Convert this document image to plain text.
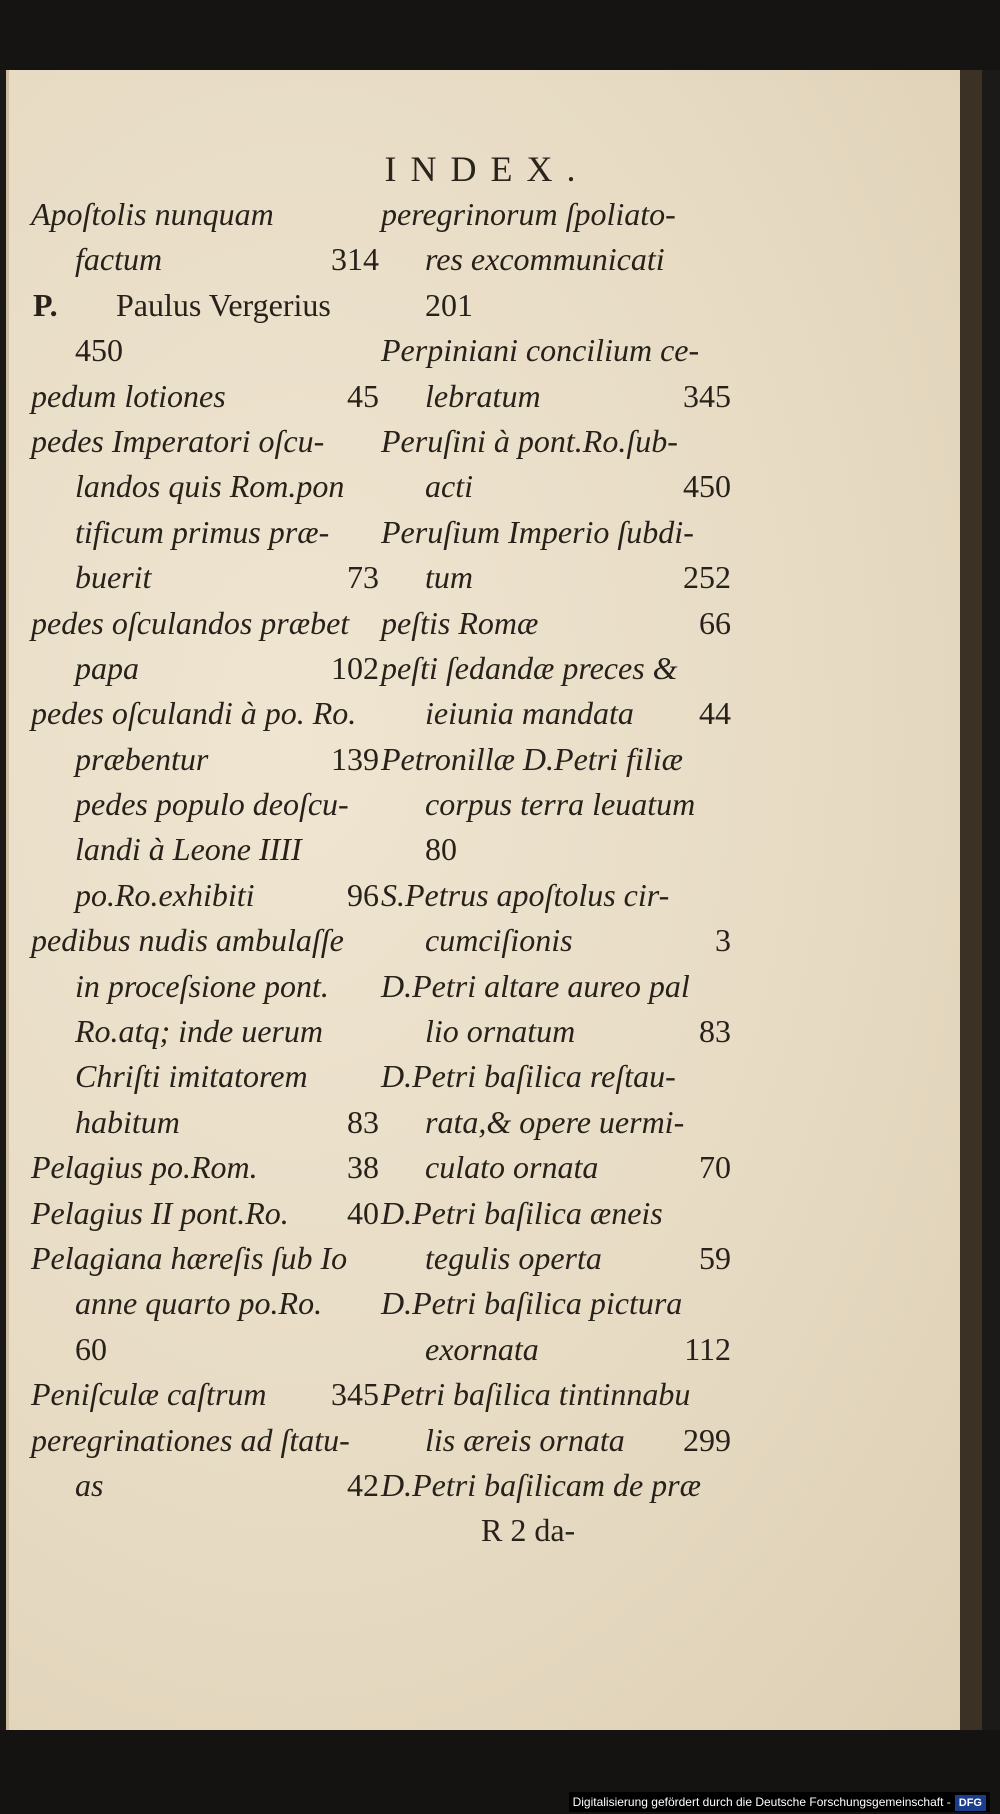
INDEX.
Apoſtolis nunquam
factum	314
P. Paulus Vergerius
450
pedum lotiones	45
pedes Imperatori oſcu-
landos quis Rom.pon
tificum primus præ-
buerit	73
pedes oſculandos præbet
papa	102
pedes oſculandi à po. Ro.
præbentur	139
pedes populo deoſcu-
landi à Leone IIII
po.Ro.exhibiti	96
pedibus nudis ambulaſſe
in proceſsione pont.
Ro.atq; inde uerum
Chriſti imitatorem
habitum	83
Pelagius po.Rom.	38
Pelagius II pont.Ro. 40
Pelagiana hæreſis ſub Io
anne quarto po.Ro.
60
Peniſculæ caſtrum 345
peregrinationes ad ſtatu-
as	42
peregrinorum ſpoliato-
res excommunicati
201
Perpiniani concilium ce-
lebratum	345
Peruſini à pont.Ro.ſub-
acti	450
Peruſium Imperio ſubdi-
tum	252
peſtis Romæ	66
peſti ſedandæ preces &
ieiunia mandata 44
Petronillæ D.Petri filiæ
corpus terra leuatum
80
S.Petrus apoſtolus cir-
cumciſionis	3
D.Petri altare aureo pal
lio ornatum	83
D.Petri baſilica reſtau-
rata,& opere uermi-
culato ornata	70
D.Petri baſilica æneis
tegulis operta	59
D.Petri baſilica pictura
exornata	112
Petri baſilica tintinnabu
lis æreis ornata 299
D.Petri baſilicam de præ
R 2 da-
Digitalisierung gefördert durch die Deutsche Forschungsgemeinschaft - DFG
